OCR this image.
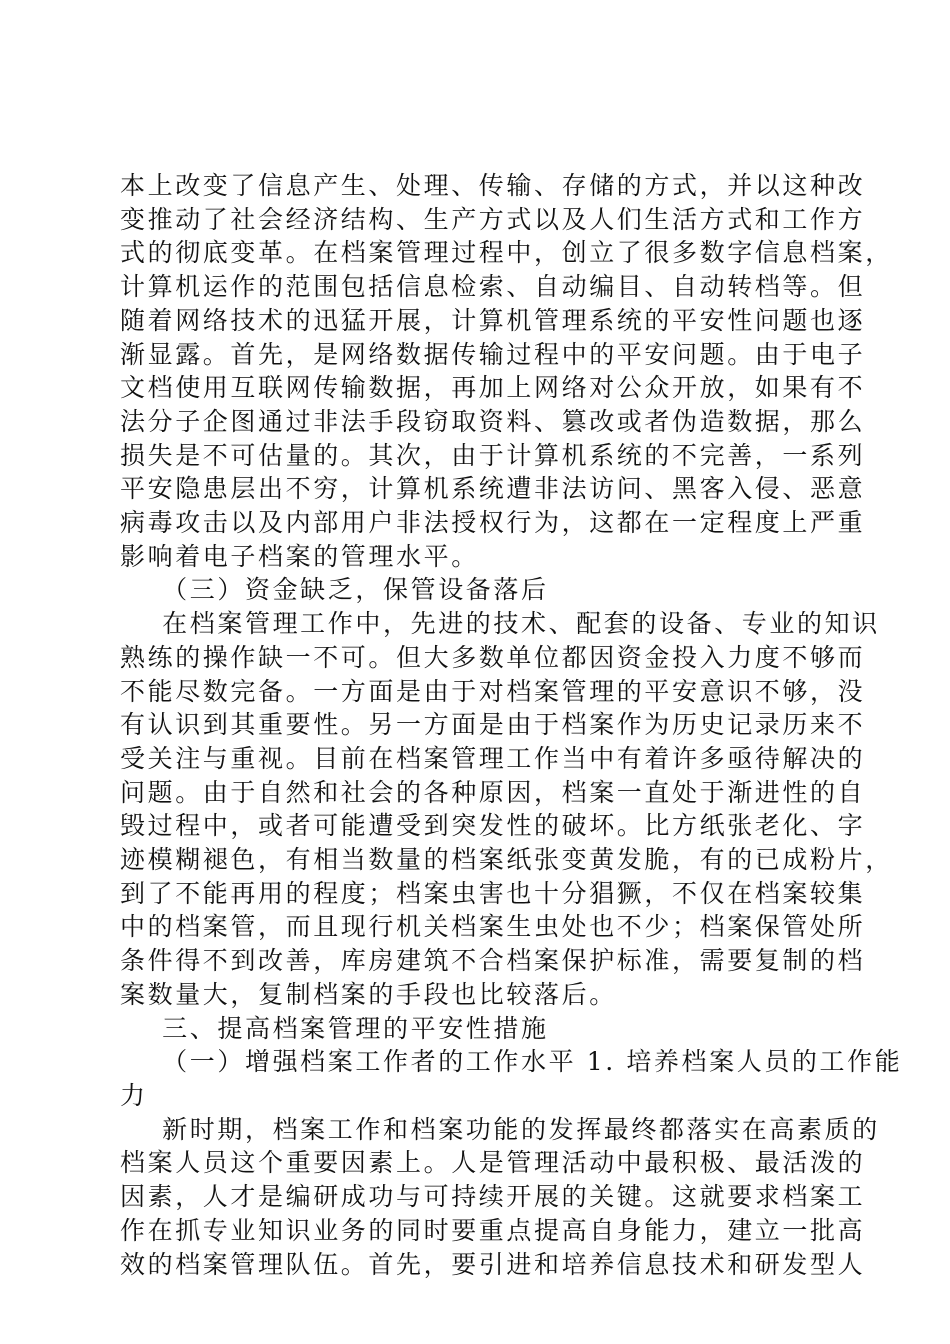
本上改变了信息产生、处理、传输、存储的方式，并以这种改
变推动了社会经济结构、生产方式以及人们生活方式和工作方
式的彻底变革。在档案管理过程中，创立了很多数字信息档案，
计算机运作的范围包括信息检索、自动编目、自动转档等。但
随着网络技术的迅猛开展，计算机管理系统的平安性问题也逐
渐显露。首先，是网络数据传输过程中的平安问题。由于电子
文档使用互联网传输数据，再加上网络对公众开放，如果有不
法分子企图通过非法手段窃取资料、篡改或者伪造数据，那么
损失是不可估量的。其次，由于计算机系统的不完善，一系列
平安隐患层出不穷，计算机系统遭非法访问、黑客入侵、恶意
病毒攻击以及内部用户非法授权行为，这都在一定程度上严重
影响着电子档案的管理水平。
（三）资金缺乏，保管设备落后
在档案管理工作中，先进的技术、配套的设备、专业的知识
熟练的操作缺一不可。但大多数单位都因资金投入力度不够而
不能尽数完备。一方面是由于对档案管理的平安意识不够，没
有认识到其重要性。另一方面是由于档案作为历史记录历来不
受关注与重视。目前在档案管理工作当中有着许多亟待解决的
问题。由于自然和社会的各种原因，档案一直处于渐进性的自
毁过程中，或者可能遭受到突发性的破坏。比方纸张老化、字
迹模糊褪色，有相当数量的档案纸张变黄发脆，有的已成粉片，
到了不能再用的程度；档案虫害也十分猖獗，不仅在档案较集
中的档案管，而且现行机关档案生虫处也不少；档案保管处所
条件得不到改善，库房建筑不合档案保护标准，需要复制的档
案数量大，复制档案的手段也比较落后。
三、提高档案管理的平安性措施
（一）增强档案工作者的工作水平 1. 培养档案人员的工作能
力
新时期，档案工作和档案功能的发挥最终都落实在高素质的
档案人员这个重要因素上。人是管理活动中最积极、最活泼的
因素，人才是编研成功与可持续开展的关键。这就要求档案工
作在抓专业知识业务的同时要重点提高自身能力，建立一批高
效的档案管理队伍。首先，要引进和培养信息技术和研发型人
